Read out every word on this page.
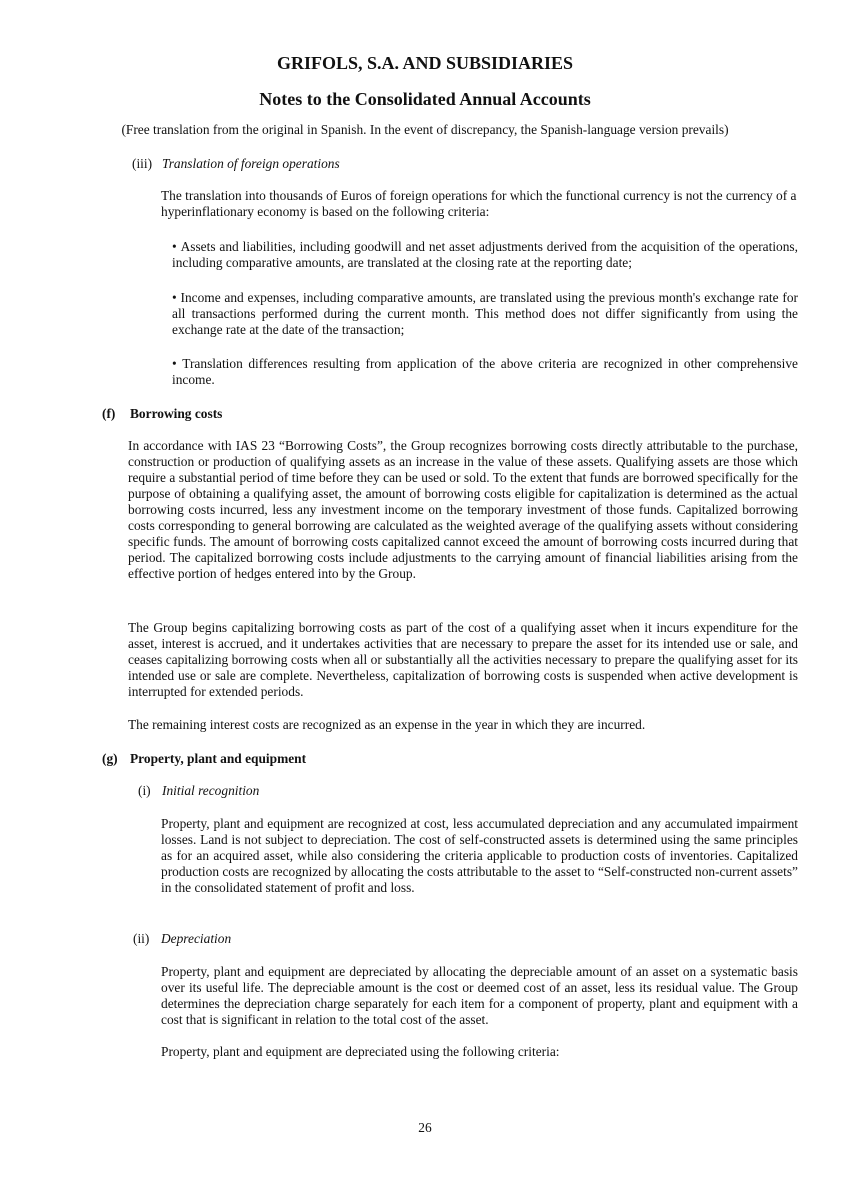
GRIFOLS, S.A. AND SUBSIDIARIES
Notes to the Consolidated Annual Accounts
(Free translation from the original in Spanish. In the event of discrepancy, the Spanish-language version prevails)
(iii) Translation of foreign operations
The translation into thousands of Euros of foreign operations for which the functional currency is not the currency of a hyperinflationary economy is based on the following criteria:
• Assets and liabilities, including goodwill and net asset adjustments derived from the acquisition of the operations, including comparative amounts, are translated at the closing rate at the reporting date;
• Income and expenses, including comparative amounts, are translated using the previous month's exchange rate for all transactions performed during the current month. This method does not differ significantly from using the exchange rate at the date of the transaction;
• Translation differences resulting from application of the above criteria are recognized in other comprehensive income.
(f) Borrowing costs
In accordance with IAS 23 “Borrowing Costs”, the Group recognizes borrowing costs directly attributable to the purchase, construction or production of qualifying assets as an increase in the value of these assets. Qualifying assets are those which require a substantial period of time before they can be used or sold. To the extent that funds are borrowed specifically for the purpose of obtaining a qualifying asset, the amount of borrowing costs eligible for capitalization is determined as the actual borrowing costs incurred, less any investment income on the temporary investment of those funds. Capitalized borrowing costs corresponding to general borrowing are calculated as the weighted average of the qualifying assets without considering specific funds. The amount of borrowing costs capitalized cannot exceed the amount of borrowing costs incurred during that period. The capitalized borrowing costs include adjustments to the carrying amount of financial liabilities arising from the effective portion of hedges entered into by the Group.
The Group begins capitalizing borrowing costs as part of the cost of a qualifying asset when it incurs expenditure for the asset, interest is accrued, and it undertakes activities that are necessary to prepare the asset for its intended use or sale, and ceases capitalizing borrowing costs when all or substantially all the activities necessary to prepare the qualifying asset for its intended use or sale are complete. Nevertheless, capitalization of borrowing costs is suspended when active development is interrupted for extended periods.
The remaining interest costs are recognized as an expense in the year in which they are incurred.
(g) Property, plant and equipment
(i) Initial recognition
Property, plant and equipment are recognized at cost, less accumulated depreciation and any accumulated impairment losses. Land is not subject to depreciation. The cost of self-constructed assets is determined using the same principles as for an acquired asset, while also considering the criteria applicable to production costs of inventories. Capitalized production costs are recognized by allocating the costs attributable to the asset to “Self-constructed non-current assets” in the consolidated statement of profit and loss.
(ii) Depreciation
Property, plant and equipment are depreciated by allocating the depreciable amount of an asset on a systematic basis over its useful life. The depreciable amount is the cost or deemed cost of an asset, less its residual value. The Group determines the depreciation charge separately for each item for a component of property, plant and equipment with a cost that is significant in relation to the total cost of the asset.
Property, plant and equipment are depreciated using the following criteria:
26
